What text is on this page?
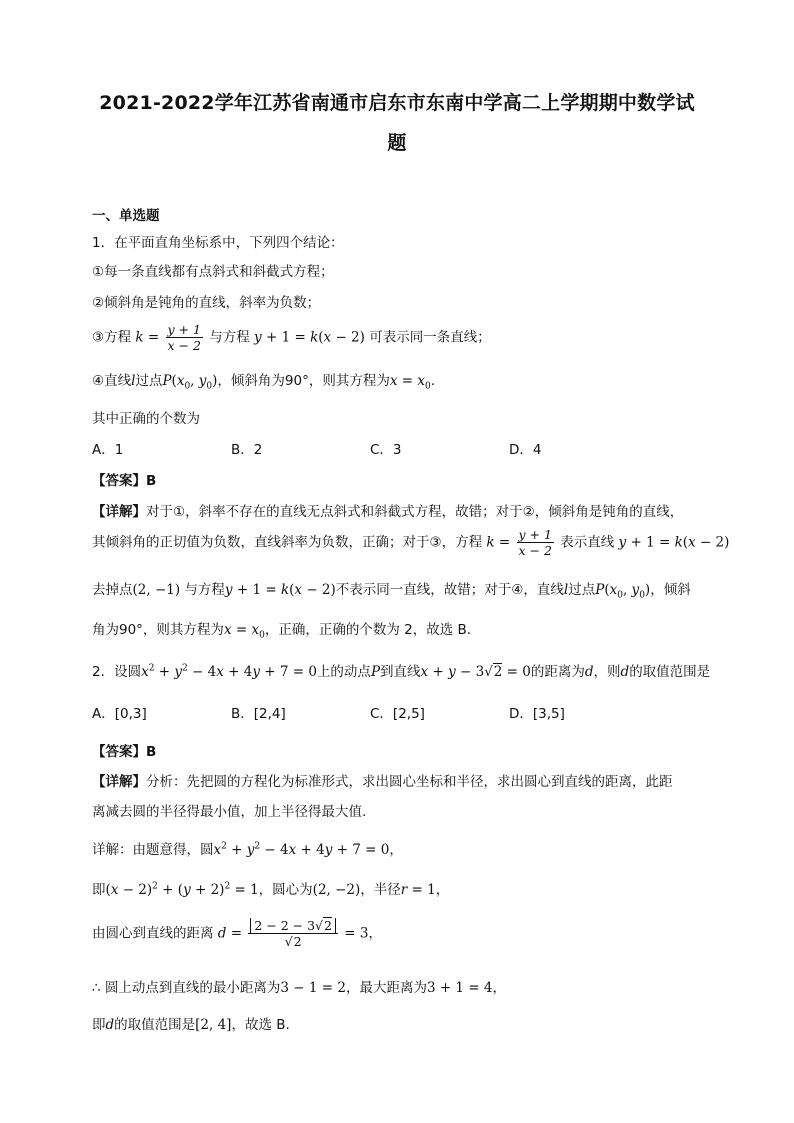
2021-2022学年江苏省南通市启东市东南中学高二上学期期中数学试
题
一、单选题
1．在平面直角坐标系中，下列四个结论：
①每一条直线都有点斜式和斜截式方程；
②倾斜角是钝角的直线，斜率为负数；
③方程 $k = \frac{y + 1}{x - 2}$ 与方程 y + 1 = k(x − 2) 可表示同一条直线；
④直线l过点$P(x_0$, $y_0$)，倾斜角为90°，则其方程为$x = x_0$.
其中正确的个数为
A．1	B．2	C．3	D．4
【答案】B
【详解】对于①，斜率不存在的直线无点斜式和斜截式方程，故错；对于②，倾斜角是钝角的直线，
其倾斜角的正切值为负数，直线斜率为负数，正确；对于③，方程 $k = \frac{y + 1}{x - 2}$ 表示直线 y + 1 = k(x − 2)
去掉点(2, −1) 与方程y + 1 = k(x − 2)不表示同一直线，故错；对于④，直线l过点$P(x_0$, $y_0$)，倾斜
角为90°，则其方程为$x = x_0$，正确，正确的个数为 2，故选 B.
2．设圆$x^2 + y^2 - 4x + 4y + 7 = 0$上的动点P到直线x + y − 3√2 = 0的距离为d，则d的取值范围是
A．[0,3]	B．[2,4]	C．[2,5]	D．[3,5]
【答案】B
【详解】分析：先把圆的方程化为标准形式，求出圆心坐标和半径，求出圆心到直线的距离，此距
离减去圆的半径得最小值，加上半径得最大值.
详解：由题意得，圆$x^2 + y^2 - 4x + 4y + 7 = 0$，
即$(x - 2)^2 + (y + 2)^2 = 1$，圆心为(2, −2)，半径r = 1，
由圆心到直线的距离 $d = \frac{2 - 2 - 3√2}{√2} = 3$，
∴ 圆上动点到直线的最小距离为3 − 1 = 2，最大距离为3 + 1 = 4，
即d的取值范围是[2, 4]，故选 B.
